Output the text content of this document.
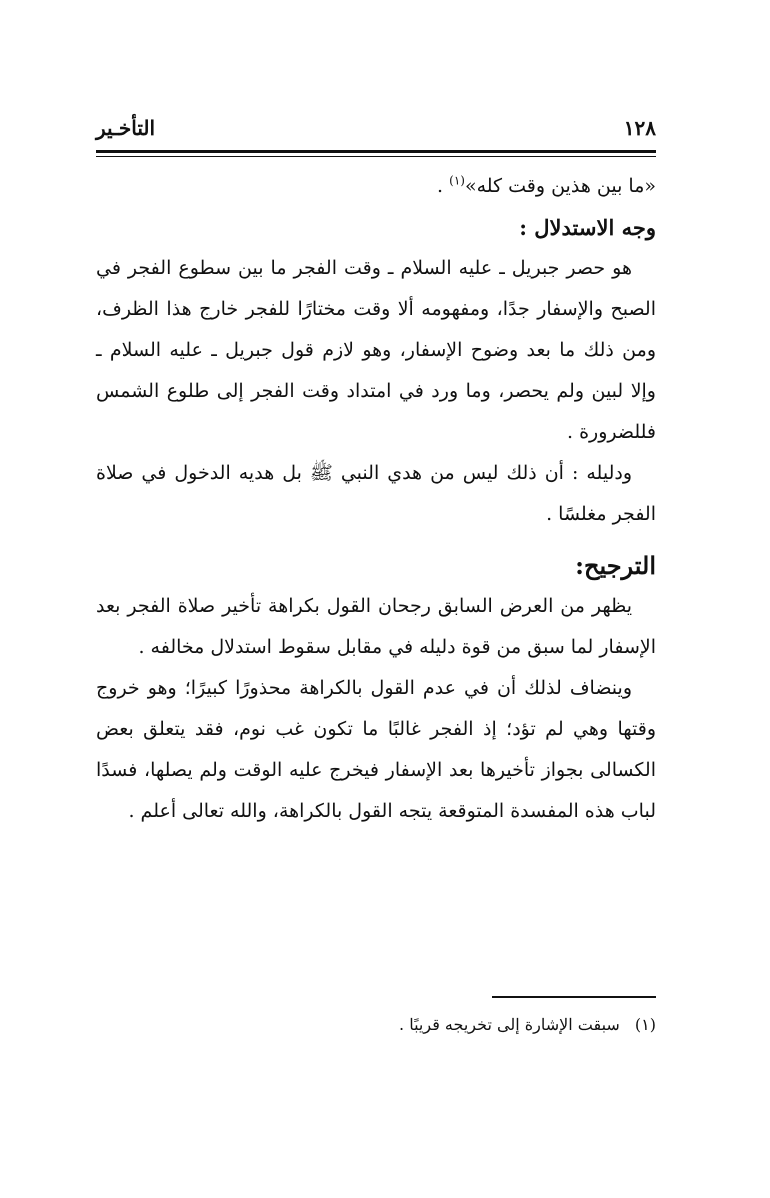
١٢٨
التأخـير

«ما بين هذين وقت كله»$^{(١)}$ .

وجه الاستدلال :

هو حصر جبريل ـ عليه السلام ـ وقت الفجر ما بين سطوع الفجر في الصبح والإسفار جدًا، ومفهومه ألا وقت مختارًا للفجر خارج هذا الظرف، ومن ذلك ما بعد وضوح الإسفار، وهو لازم قول جبريل ـ عليه السلام ـ وإلا لبين ولم يحصر، وما ورد في امتداد وقت الفجر إلى طلوع الشمس فللضرورة .

ودليله : أن ذلك ليس من هدي النبي ﷺ بل هديه الدخول في صلاة الفجر مغلسًا .

الترجيح:

يظهر من العرض السابق رجحان القول بكراهة تأخير صلاة الفجر بعد الإسفار لما سبق من قوة دليله في مقابل سقوط استدلال مخالفه .

وينضاف لذلك أن في عدم القول بالكراهة محذورًا كبيرًا؛ وهو خروج وقتها وهي لم تؤد؛ إذ الفجر غالبًا ما تكون غب نوم، فقد يتعلق بعض الكسالى بجواز تأخيرها بعد الإسفار فيخرج عليه الوقت ولم يصلها، فسدًا لباب هذه المفسدة المتوقعة يتجه القول بالكراهة، والله تعالى أعلم .

(١) سبقت الإشارة إلى تخريجه قريبًا .
